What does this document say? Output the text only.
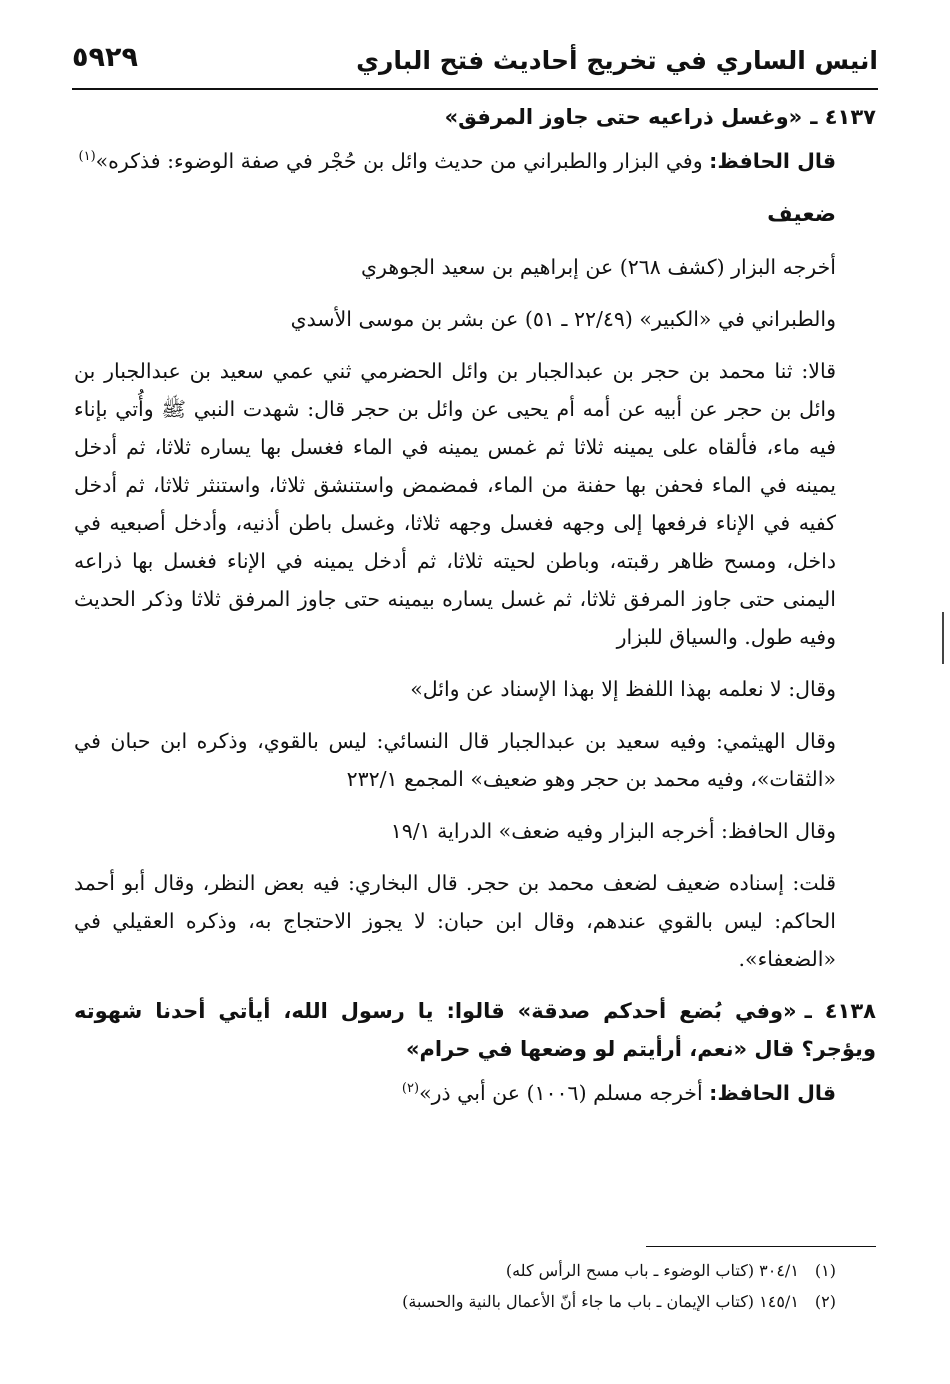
انيس الساري في تخريج أحاديث فتح الباري
٥٩٢٩

٤١٣٧ ـ«وغسل ذراعيه حتى جاوز المرفق»

قال الحافظ: وفي البزار والطبراني من حديث وائل بن حُجْر في صفة الوضوء: فذكره»$^{(١)}$

ضعيف

أخرجه البزار (كشف ٢٦٨) عن إبراهيم بن سعيد الجوهري

والطبراني في «الكبير» (٢٢/٤٩ ـ ٥١) عن بشر بن موسى الأسدي

قالا: ثنا محمد بن حجر بن عبدالجبار بن وائل الحضرمي ثني عمي سعيد بن عبدالجبار بن وائل بن حجر عن أبيه عن أمه أم يحيى عن وائل بن حجر قال: شهدت النبي ﷺ وأُتي بإناء فيه ماء، فألقاه على يمينه ثلاثا ثم غمس يمينه في الماء فغسل بها يساره ثلاثا، ثم أدخل يمينه في الماء فحفن بها حفنة من الماء، فمضمض واستنشق ثلاثا، واستنثر ثلاثا، ثم أدخل كفيه في الإناء فرفعها إلى وجهه فغسل وجهه ثلاثا، وغسل باطن أذنيه، وأدخل أصبعيه في داخل، ومسح ظاهر رقبته، وباطن لحيته ثلاثا، ثم أدخل يمينه في الإناء فغسل بها ذراعه اليمنى حتى جاوز المرفق ثلاثا، ثم غسل يساره بيمينه حتى جاوز المرفق ثلاثا وذكر الحديث وفيه طول. والسياق للبزار

وقال: لا نعلمه بهذا اللفظ إلا بهذا الإسناد عن وائل»

وقال الهيثمي: وفيه سعيد بن عبدالجبار قال النسائي: ليس بالقوي، وذكره ابن حبان في «الثقات»، وفيه محمد بن حجر وهو ضعيف» المجمع ٢٣٢/١

وقال الحافظ: أخرجه البزار وفيه ضعف» الدراية ١٩/١

قلت: إسناده ضعيف لضعف محمد بن حجر. قال البخاري: فيه بعض النظر، وقال أبو أحمد الحاكم: ليس بالقوي عندهم، وقال ابن حبان: لا يجوز الاحتجاج به، وذكره العقيلي في «الضعفاء».

٤١٣٨ ـ«وفي بُضع أحدكم صدقة» قالوا: يا رسول الله، أيأتي أحدنا شهوته ويؤجر؟ قال «نعم، أرأيتم لو وضعها في حرام»

قال الحافظ: أخرجه مسلم (١٠٠٦) عن أبي ذر»$^{(٢)}$

(١)٣٠٤/١ (كتاب الوضوء ـ باب مسح الرأس كله)
(٢)١٤٥/١ (كتاب الإيمان ـ باب ما جاء أنّ الأعمال بالنية والحسبة)
